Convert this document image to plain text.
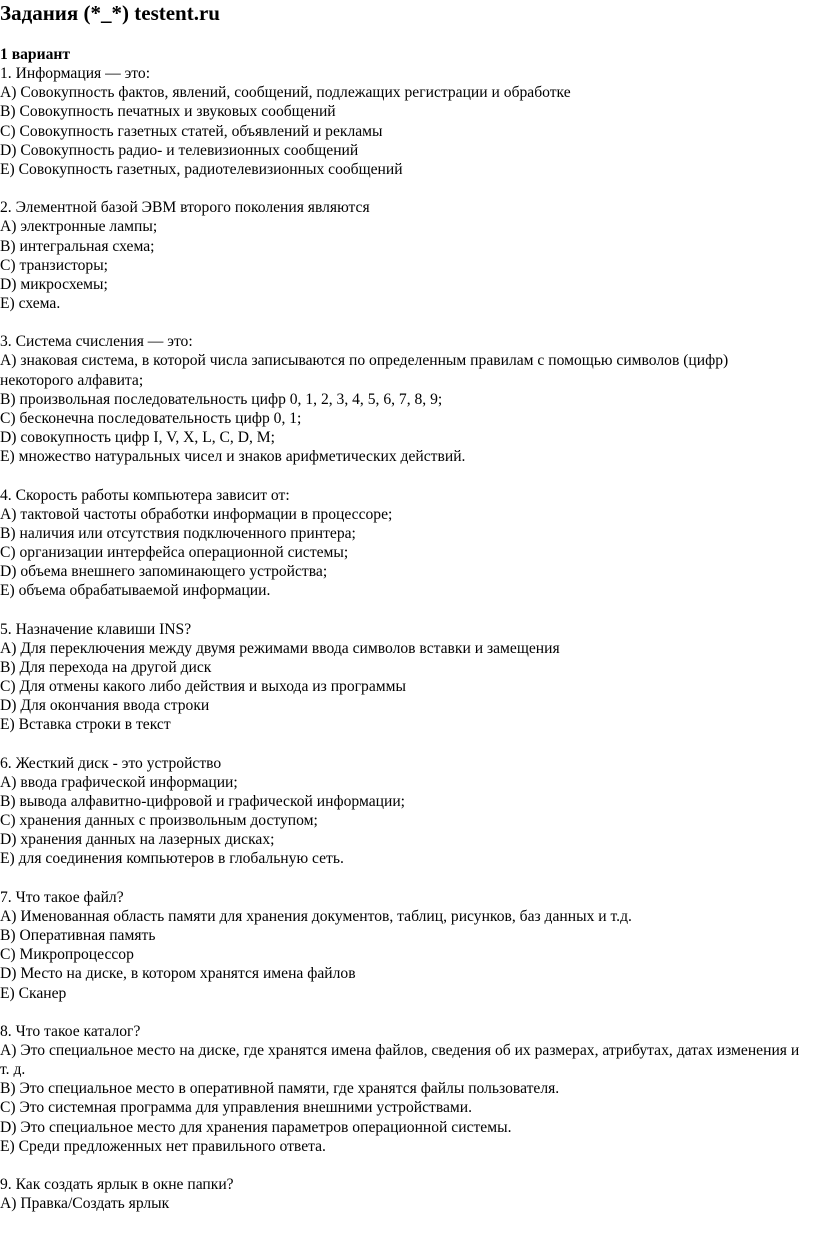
Задания (*_*) testent.ru

1 вариант

1. Информация — это:

A) Совокупность фактов, явлений, сообщений, подлежащих регистрации и обработке
B) Совокупность печатных и звуковых сообщений
C) Совокупность газетных статей, объявлений и рекламы
D) Совокупность радио- и телевизионных сообщений
E) Совокупность газетных, радиотелевизионных сообщений

2. Элементной базой ЭВМ второго поколения являются

A) электронные лампы;
B) интегральная схема;
C) транзисторы;
D) микросхемы;
E) схема.

3. Система счисления — это:

A) знаковая система, в которой числа записываются по определенным правилам с помощью символов (цифр) некоторого алфавита;
B) произвольная последовательность цифр 0, 1, 2, 3, 4, 5, 6, 7, 8, 9;
C) бесконечна последовательность цифр 0, 1;
D) совокупность цифр I, V, X, L, C, D, M;
E) множество натуральных чисел и знаков арифметических действий.

4. Скорость работы компьютера зависит от:

A) тактовой частоты обработки информации в процессоре;
B) наличия или отсутствия подключенного принтера;
C) организации интерфейса операционной системы;
D) объема внешнего запоминающего устройства;
E) объема обрабатываемой информации.

5. Назначение клавиши INS?

A) Для переключения между двумя режимами ввода символов вставки и замещения
B) Для перехода на другой диск
C) Для отмены какого либо действия и выхода из программы
D) Для окончания ввода строки
E) Вставка строки в текст

6. Жесткий диск - это устройство

A) ввода графической информации;
B) вывода алфавитно-цифровой и графической информации;
C) хранения данных с произвольным доступом;
D) хранения данных на лазерных дисках;
E) для соединения компьютеров в глобальную сеть.

7. Что такое файл?

A) Именованная область памяти для хранения документов, таблиц, рисунков, баз данных и т.д.
B) Оперативная память
C) Микропроцессор
D) Место на диске, в котором хранятся имена файлов
E) Сканер

8. Что такое каталог?

A) Это специальное место на диске, где хранятся имена файлов, сведения об их размерах, атрибутах, датах изменения и т. д.
B) Это специальное место в оперативной памяти, где хранятся файлы пользователя.
C) Это системная программа для управления внешними устройствами.
D) Это специальное место для хранения параметров операционной системы.
E) Среди предложенных нет правильного ответа.

9. Как создать ярлык в окне папки?

A) Правка/Создать ярлык
